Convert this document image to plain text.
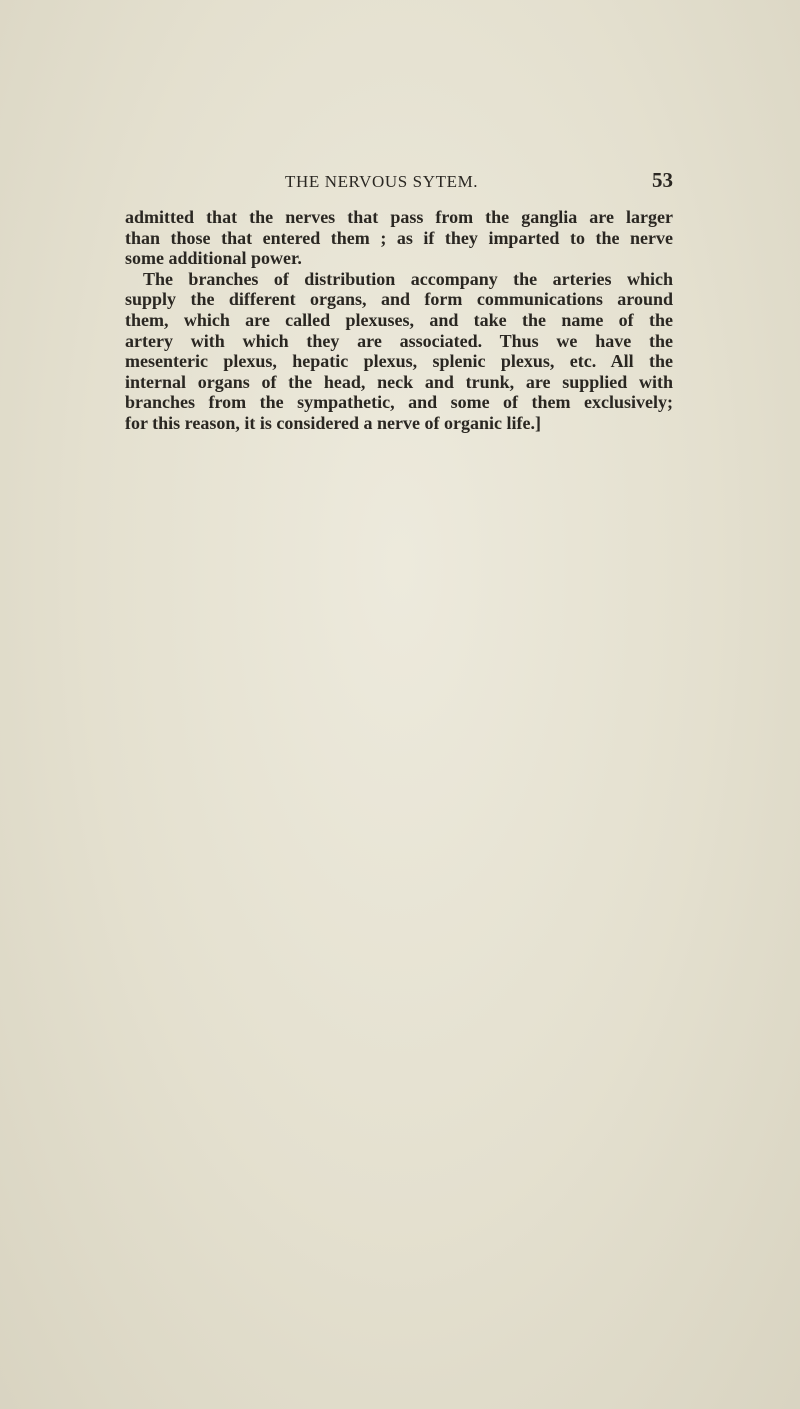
THE NERVOUS SYTEM.	53
admitted that the nerves that pass from the ganglia are larger
than those that entered them ; as if they imparted to the nerve
some additional power.
The branches of distribution accompany the arteries which
supply the different organs, and form communications around
them, which are called plexuses, and take the name of the
artery with which they are associated. Thus we have the
mesenteric plexus, hepatic plexus, splenic plexus, etc. All the
internal organs of the head, neck and trunk, are supplied with
branches from the sympathetic, and some of them exclusively;
for this reason, it is considered a nerve of organic life.]
